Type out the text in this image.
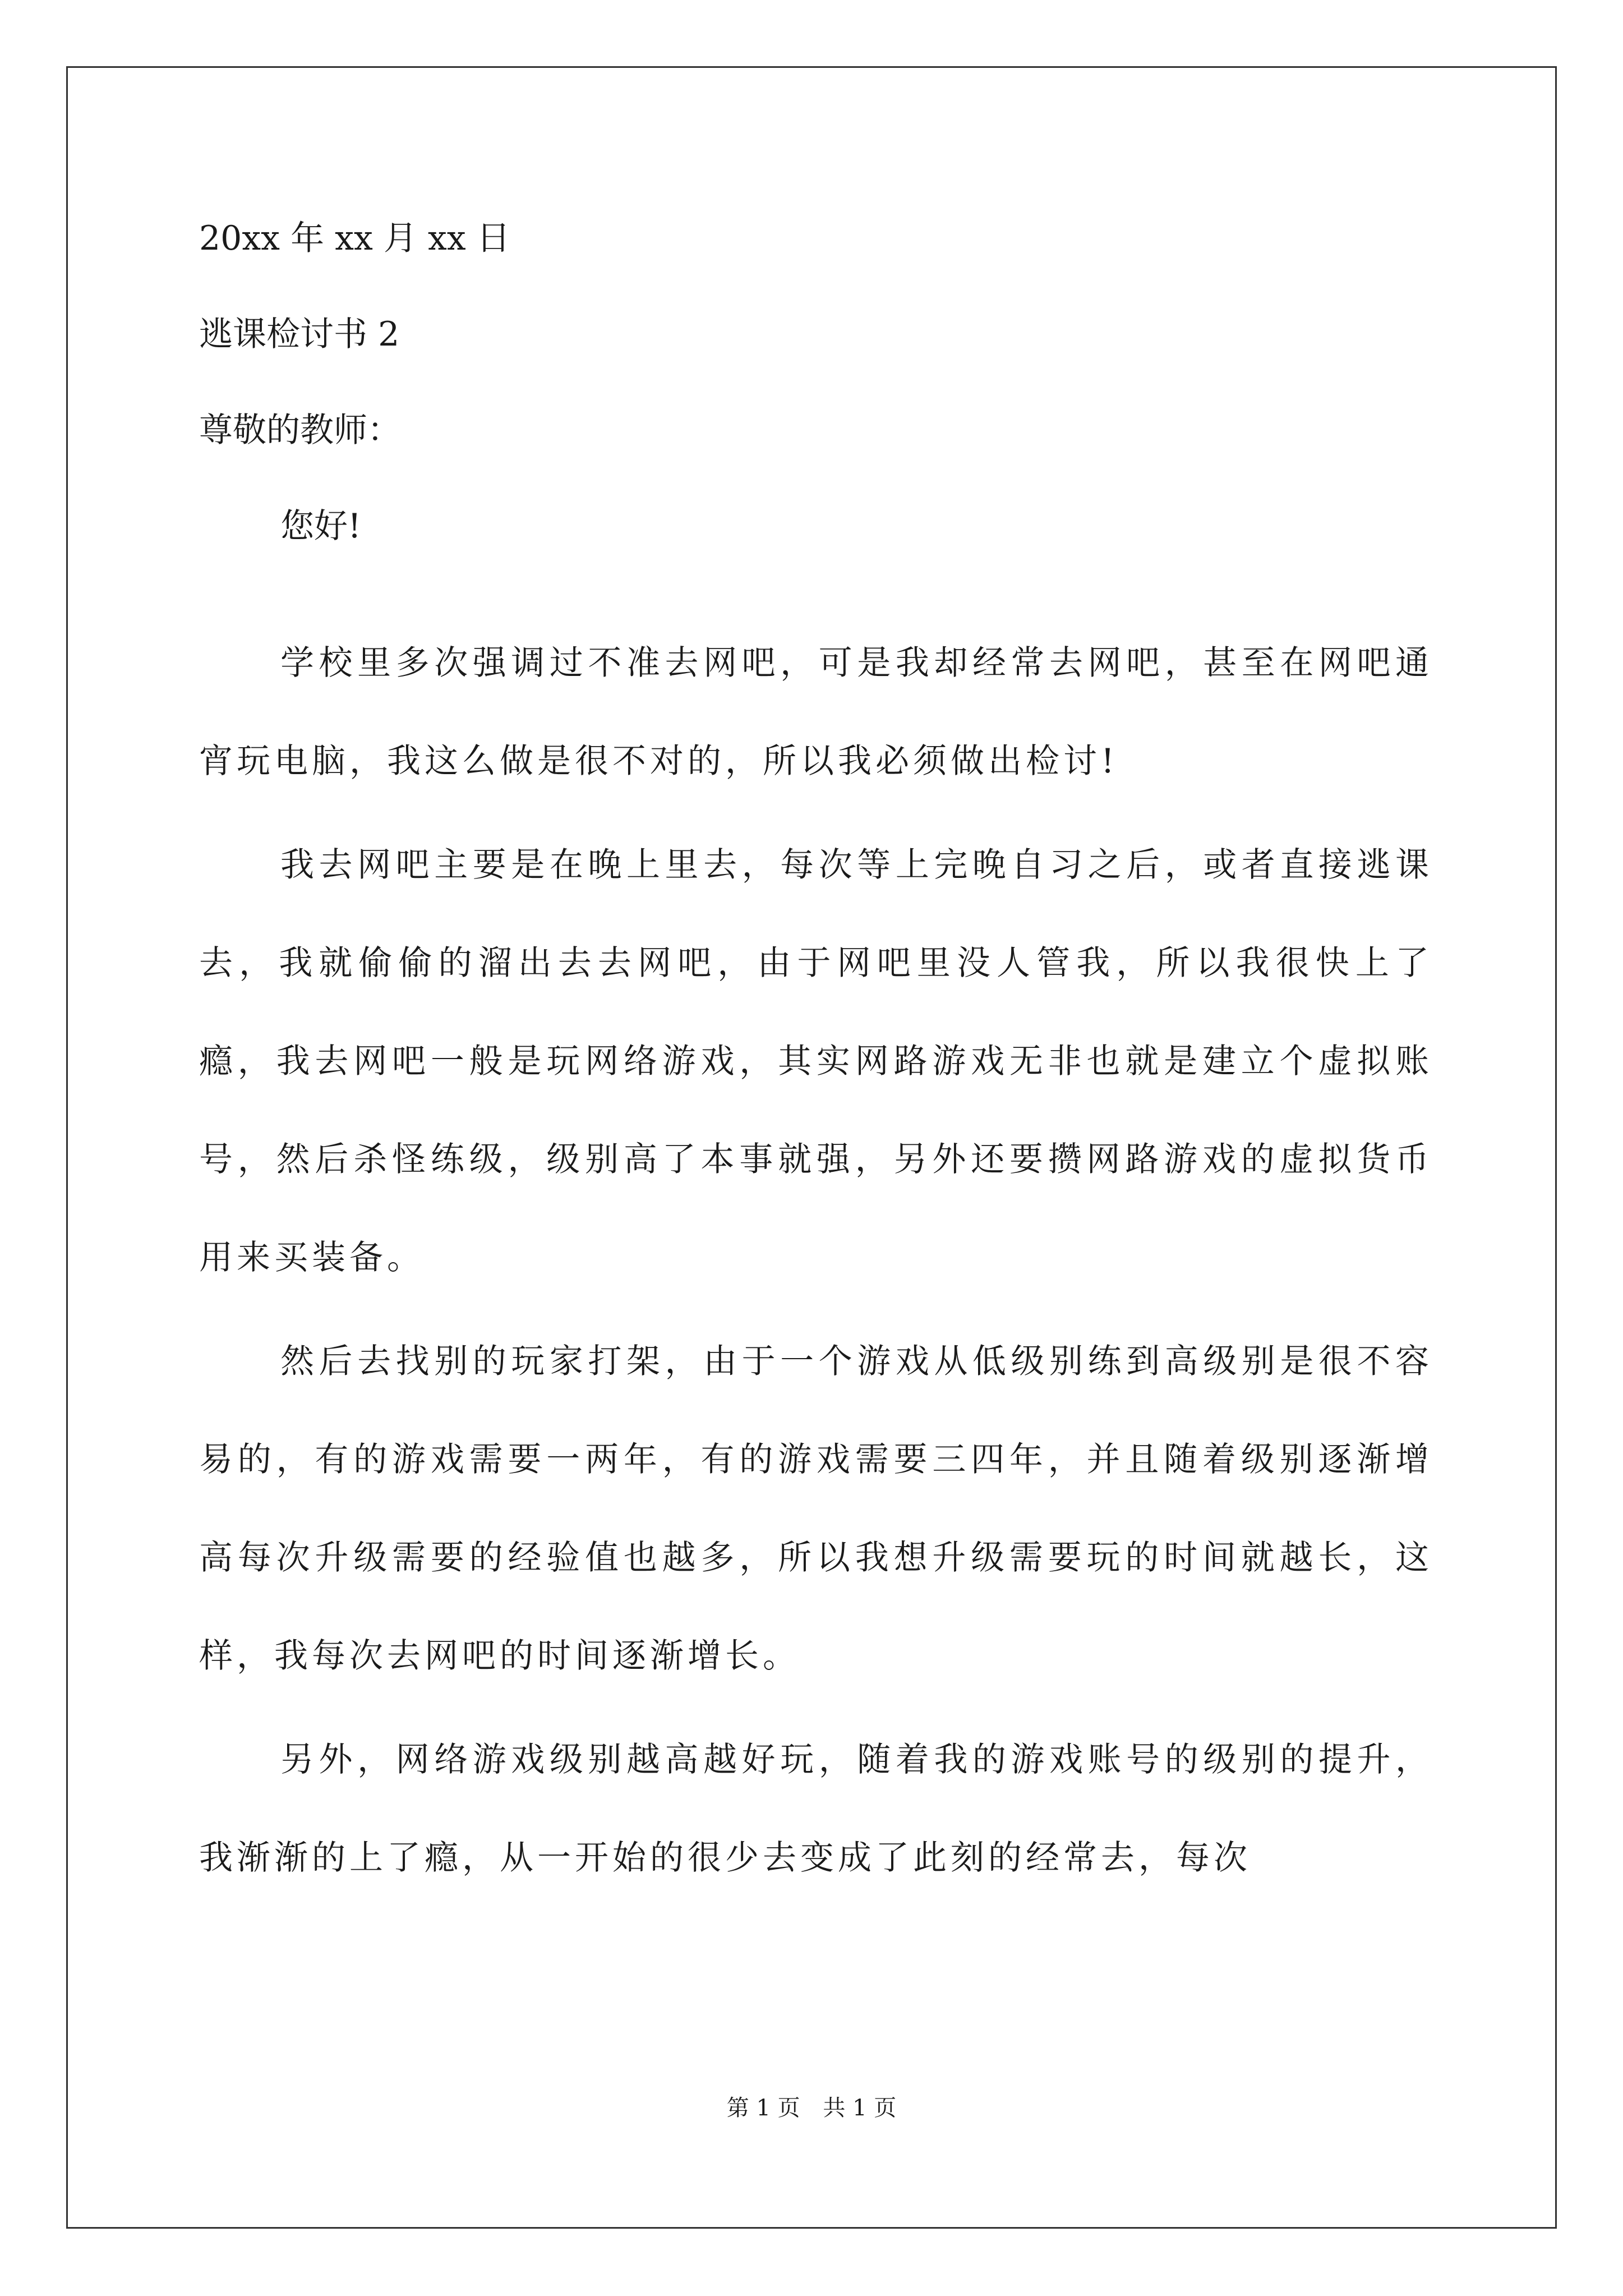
20xx 年 xx 月 xx 日

逃课检讨书 2

尊敬的教师：

您好!

学校里多次强调过不准去网吧，可是我却经常去网吧，甚至在网吧通宵玩电脑，我这么做是很不对的，所以我必须做出检讨!

我去网吧主要是在晚上里去，每次等上完晚自习之后，或者直接逃课去，我就偷偷的溜出去去网吧，由于网吧里没人管我，所以我很快上了瘾，我去网吧一般是玩网络游戏，其实网路游戏无非也就是建立个虚拟账号，然后杀怪练级，级别高了本事就强，另外还要攒网路游戏的虚拟货币用来买装备。

然后去找别的玩家打架，由于一个游戏从低级别练到高级别是很不容易的，有的游戏需要一两年，有的游戏需要三四年，并且随着级别逐渐增高每次升级需要的经验值也越多，所以我想升级需要玩的时间就越长，这样，我每次去网吧的时间逐渐增长。

另外，网络游戏级别越高越好玩，随着我的游戏账号的级别的提升，我渐渐的上了瘾，从一开始的很少去变成了此刻的经常去，每次

第 1 页 共 1 页
